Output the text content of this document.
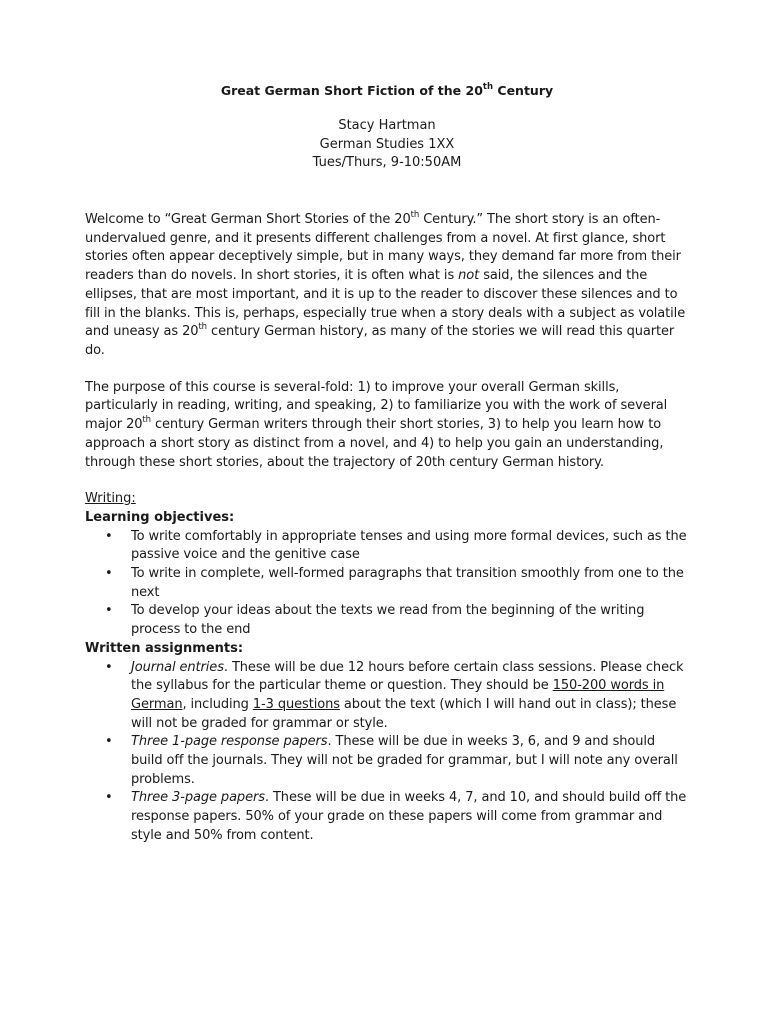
Great German Short Fiction of the 20th Century
Stacy Hartman
German Studies 1XX
Tues/Thurs, 9-10:50AM

Welcome to “Great German Short Stories of the 20th Century.” The short story is an often-undervalued genre, and it presents different challenges from a novel. At first glance, short stories often appear deceptively simple, but in many ways, they demand far more from their readers than do novels. In short stories, it is often what is not said, the silences and the ellipses, that are most important, and it is up to the reader to discover these silences and to fill in the blanks. This is, perhaps, especially true when a story deals with a subject as volatile and uneasy as 20th century German history, as many of the stories we will read this quarter do.

The purpose of this course is several-fold: 1) to improve your overall German skills, particularly in reading, writing, and speaking, 2) to familiarize you with the work of several major 20th century German writers through their short stories, 3) to help you learn how to approach a short story as distinct from a novel, and 4) to help you gain an understanding, through these short stories, about the trajectory of 20th century German history.

Writing:
Learning objectives:
• To write comfortably in appropriate tenses and using more formal devices, such as the passive voice and the genitive case
• To write in complete, well-formed paragraphs that transition smoothly from one to the next
• To develop your ideas about the texts we read from the beginning of the writing process to the end
Written assignments:
• Journal entries. These will be due 12 hours before certain class sessions. Please check the syllabus for the particular theme or question. They should be 150-200 words in German, including 1-3 questions about the text (which I will hand out in class); these will not be graded for grammar or style.
• Three 1-page response papers. These will be due in weeks 3, 6, and 9 and should build off the journals. They will not be graded for grammar, but I will note any overall problems.
• Three 3-page papers. These will be due in weeks 4, 7, and 10, and should build off the response papers. 50% of your grade on these papers will come from grammar and style and 50% from content.
